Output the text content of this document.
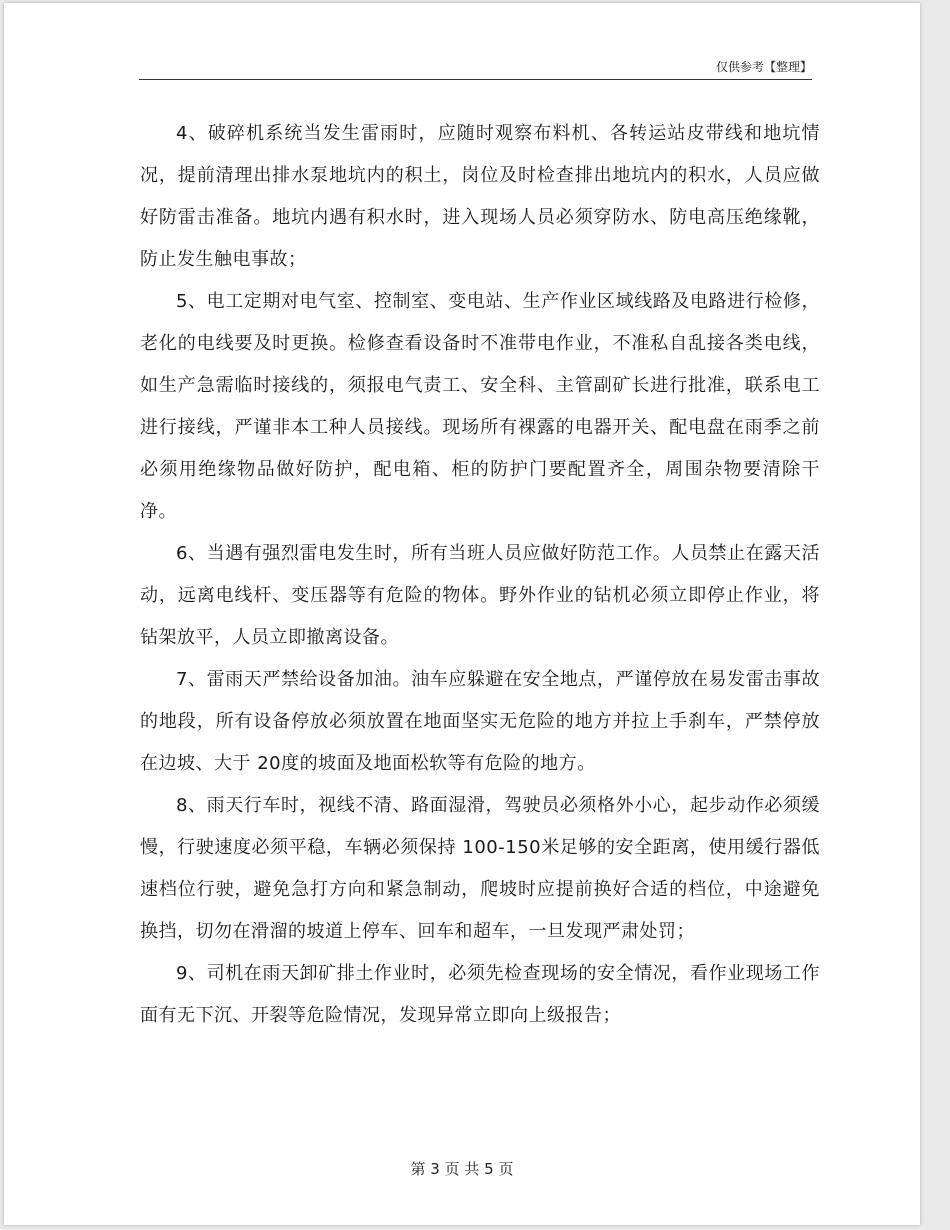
仅供参考【整理】

4、破碎机系统当发生雷雨时，应随时观察布料机、各转运站皮带线和地坑情况，提前清理出排水泵地坑内的积土，岗位及时检查排出地坑内的积水，人员应做好防雷击准备。地坑内遇有积水时，进入现场人员必须穿防水、防电高压绝缘靴，防止发生触电事故；

5、电工定期对电气室、控制室、变电站、生产作业区域线路及电路进行检修，老化的电线要及时更换。检修查看设备时不准带电作业，不准私自乱接各类电线，如生产急需临时接线的，须报电气责工、安全科、主管副矿长进行批准，联系电工进行接线，严谨非本工种人员接线。现场所有裸露的电器开关、配电盘在雨季之前必须用绝缘物品做好防护，配电箱、柜的防护门要配置齐全，周围杂物要清除干净。

6、当遇有强烈雷电发生时，所有当班人员应做好防范工作。人员禁止在露天活动，远离电线杆、变压器等有危险的物体。野外作业的钻机必须立即停止作业，将钻架放平，人员立即撤离设备。

7、雷雨天严禁给设备加油。油车应躲避在安全地点，严谨停放在易发雷击事故的地段，所有设备停放必须放置在地面坚实无危险的地方并拉上手刹车，严禁停放在边坡、大于 20度的坡面及地面松软等有危险的地方。

8、雨天行车时，视线不清、路面湿滑，驾驶员必须格外小心，起步动作必须缓慢，行驶速度必须平稳，车辆必须保持 100-150米足够的安全距离，使用缓行器低速档位行驶，避免急打方向和紧急制动，爬坡时应提前换好合适的档位，中途避免换挡，切勿在滑溜的坡道上停车、回车和超车，一旦发现严肃处罚；

9、司机在雨天卸矿排土作业时，必须先检查现场的安全情况，看作业现场工作面有无下沉、开裂等危险情况，发现异常立即向上级报告；

第 3 页 共 5 页
